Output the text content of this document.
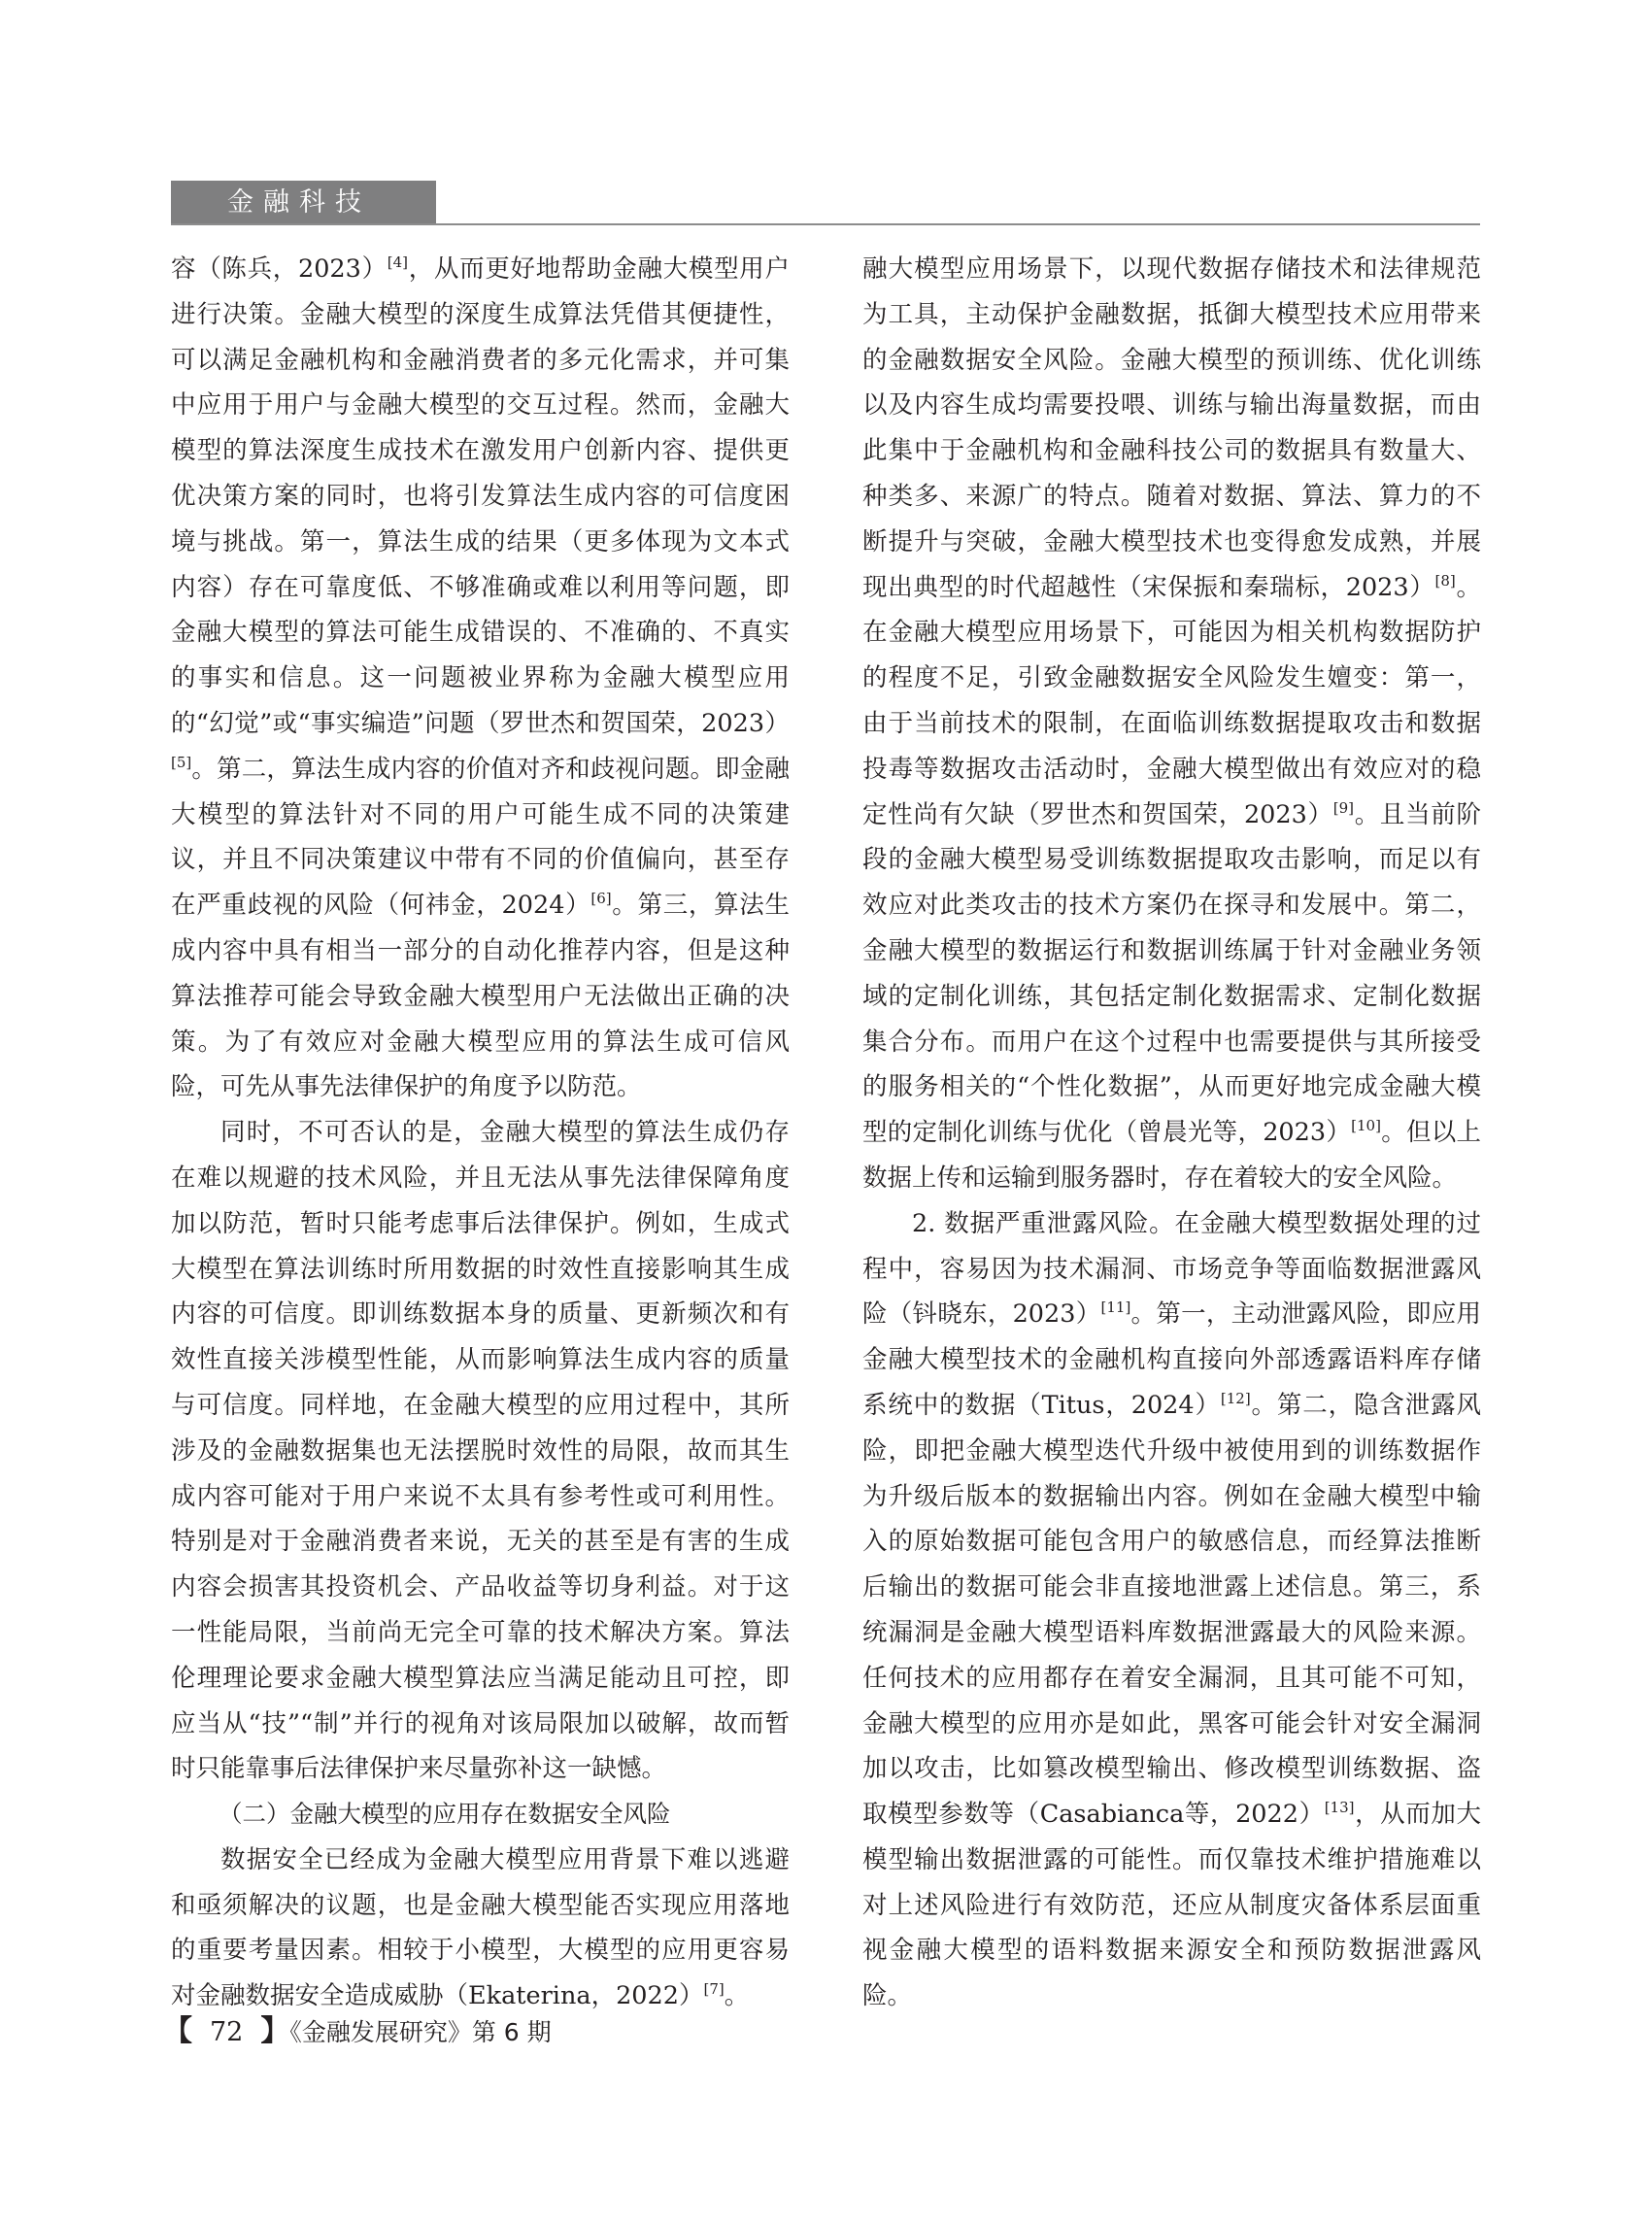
金融科技

容（陈兵，2023）[4]，从而更好地帮助金融大模型用户进行决策。金融大模型的深度生成算法凭借其便捷性，可以满足金融机构和金融消费者的多元化需求，并可集中应用于用户与金融大模型的交互过程。然而，金融大模型的算法深度生成技术在激发用户创新内容、提供更优决策方案的同时，也将引发算法生成内容的可信度困境与挑战。第一，算法生成的结果（更多体现为文本式内容）存在可靠度低、不够准确或难以利用等问题，即金融大模型的算法可能生成错误的、不准确的、不真实的事实和信息。这一问题被业界称为金融大模型应用的“幻觉”或“事实编造”问题（罗世杰和贺国荣，2023）[5]。第二，算法生成内容的价值对齐和歧视问题。即金融大模型的算法针对不同的用户可能生成不同的决策建议，并且不同决策建议中带有不同的价值偏向，甚至存在严重歧视的风险（何祎金，2024）[6]。第三，算法生成内容中具有相当一部分的自动化推荐内容，但是这种算法推荐可能会导致金融大模型用户无法做出正确的决策。为了有效应对金融大模型应用的算法生成可信风险，可先从事先法律保护的角度予以防范。

同时，不可否认的是，金融大模型的算法生成仍存在难以规避的技术风险，并且无法从事先法律保障角度加以防范，暂时只能考虑事后法律保护。例如，生成式大模型在算法训练时所用数据的时效性直接影响其生成内容的可信度。即训练数据本身的质量、更新频次和有效性直接关涉模型性能，从而影响算法生成内容的质量与可信度。同样地，在金融大模型的应用过程中，其所涉及的金融数据集也无法摆脱时效性的局限，故而其生成内容可能对于用户来说不太具有参考性或可利用性。特别是对于金融消费者来说，无关的甚至是有害的生成内容会损害其投资机会、产品收益等切身利益。对于这一性能局限，当前尚无完全可靠的技术解决方案。算法伦理理论要求金融大模型算法应当满足能动且可控，即应当从“技”“制”并行的视角对该局限加以破解，故而暂时只能靠事后法律保护来尽量弥补这一缺憾。

（二）金融大模型的应用存在数据安全风险

数据安全已经成为金融大模型应用背景下难以逃避和亟须解决的议题，也是金融大模型能否实现应用落地的重要考量因素。相较于小模型，大模型的应用更容易对金融数据安全造成威胁（Ekaterina，2022）[7]。

融大模型应用场景下，以现代数据存储技术和法律规范为工具，主动保护金融数据，抵御大模型技术应用带来的金融数据安全风险。金融大模型的预训练、优化训练以及内容生成均需要投喂、训练与输出海量数据，而由此集中于金融机构和金融科技公司的数据具有数量大、种类多、来源广的特点。随着对数据、算法、算力的不断提升与突破，金融大模型技术也变得愈发成熟，并展现出典型的时代超越性（宋保振和秦瑞标，2023）[8]。在金融大模型应用场景下，可能因为相关机构数据防护的程度不足，引致金融数据安全风险发生嬗变：第一，由于当前技术的限制，在面临训练数据提取攻击和数据投毒等数据攻击活动时，金融大模型做出有效应对的稳定性尚有欠缺（罗世杰和贺国荣，2023）[9]。且当前阶段的金融大模型易受训练数据提取攻击影响，而足以有效应对此类攻击的技术方案仍在探寻和发展中。第二，金融大模型的数据运行和数据训练属于针对金融业务领域的定制化训练，其包括定制化数据需求、定制化数据集合分布。而用户在这个过程中也需要提供与其所接受的服务相关的“个性化数据”，从而更好地完成金融大模型的定制化训练与优化（曾晨光等，2023）[10]。但以上数据上传和运输到服务器时，存在着较大的安全风险。

2. 数据严重泄露风险。在金融大模型数据处理的过程中，容易因为技术漏洞、市场竞争等面临数据泄露风险（钭晓东，2023）[11]。第一，主动泄露风险，即应用金融大模型技术的金融机构直接向外部透露语料库存储系统中的数据（Titus，2024）[12]。第二，隐含泄露风险，即把金融大模型迭代升级中被使用到的训练数据作为升级后版本的数据输出内容。例如在金融大模型中输入的原始数据可能包含用户的敏感信息，而经算法推断后输出的数据可能会非直接地泄露上述信息。第三，系统漏洞是金融大模型语料库数据泄露最大的风险来源。任何技术的应用都存在着安全漏洞，且其可能不可知，金融大模型的应用亦是如此，黑客可能会针对安全漏洞加以攻击，比如篡改模型输出、修改模型训练数据、盗取模型参数等（Casabianca等，2022）[13]，从而加大模型输出数据泄露的可能性。而仅靠技术维护措施难以对上述风险进行有效防范，还应从制度灾备体系层面重视金融大模型的语料数据来源安全和预防数据泄露风险。

【 72 】《金融发展研究》第 6 期
